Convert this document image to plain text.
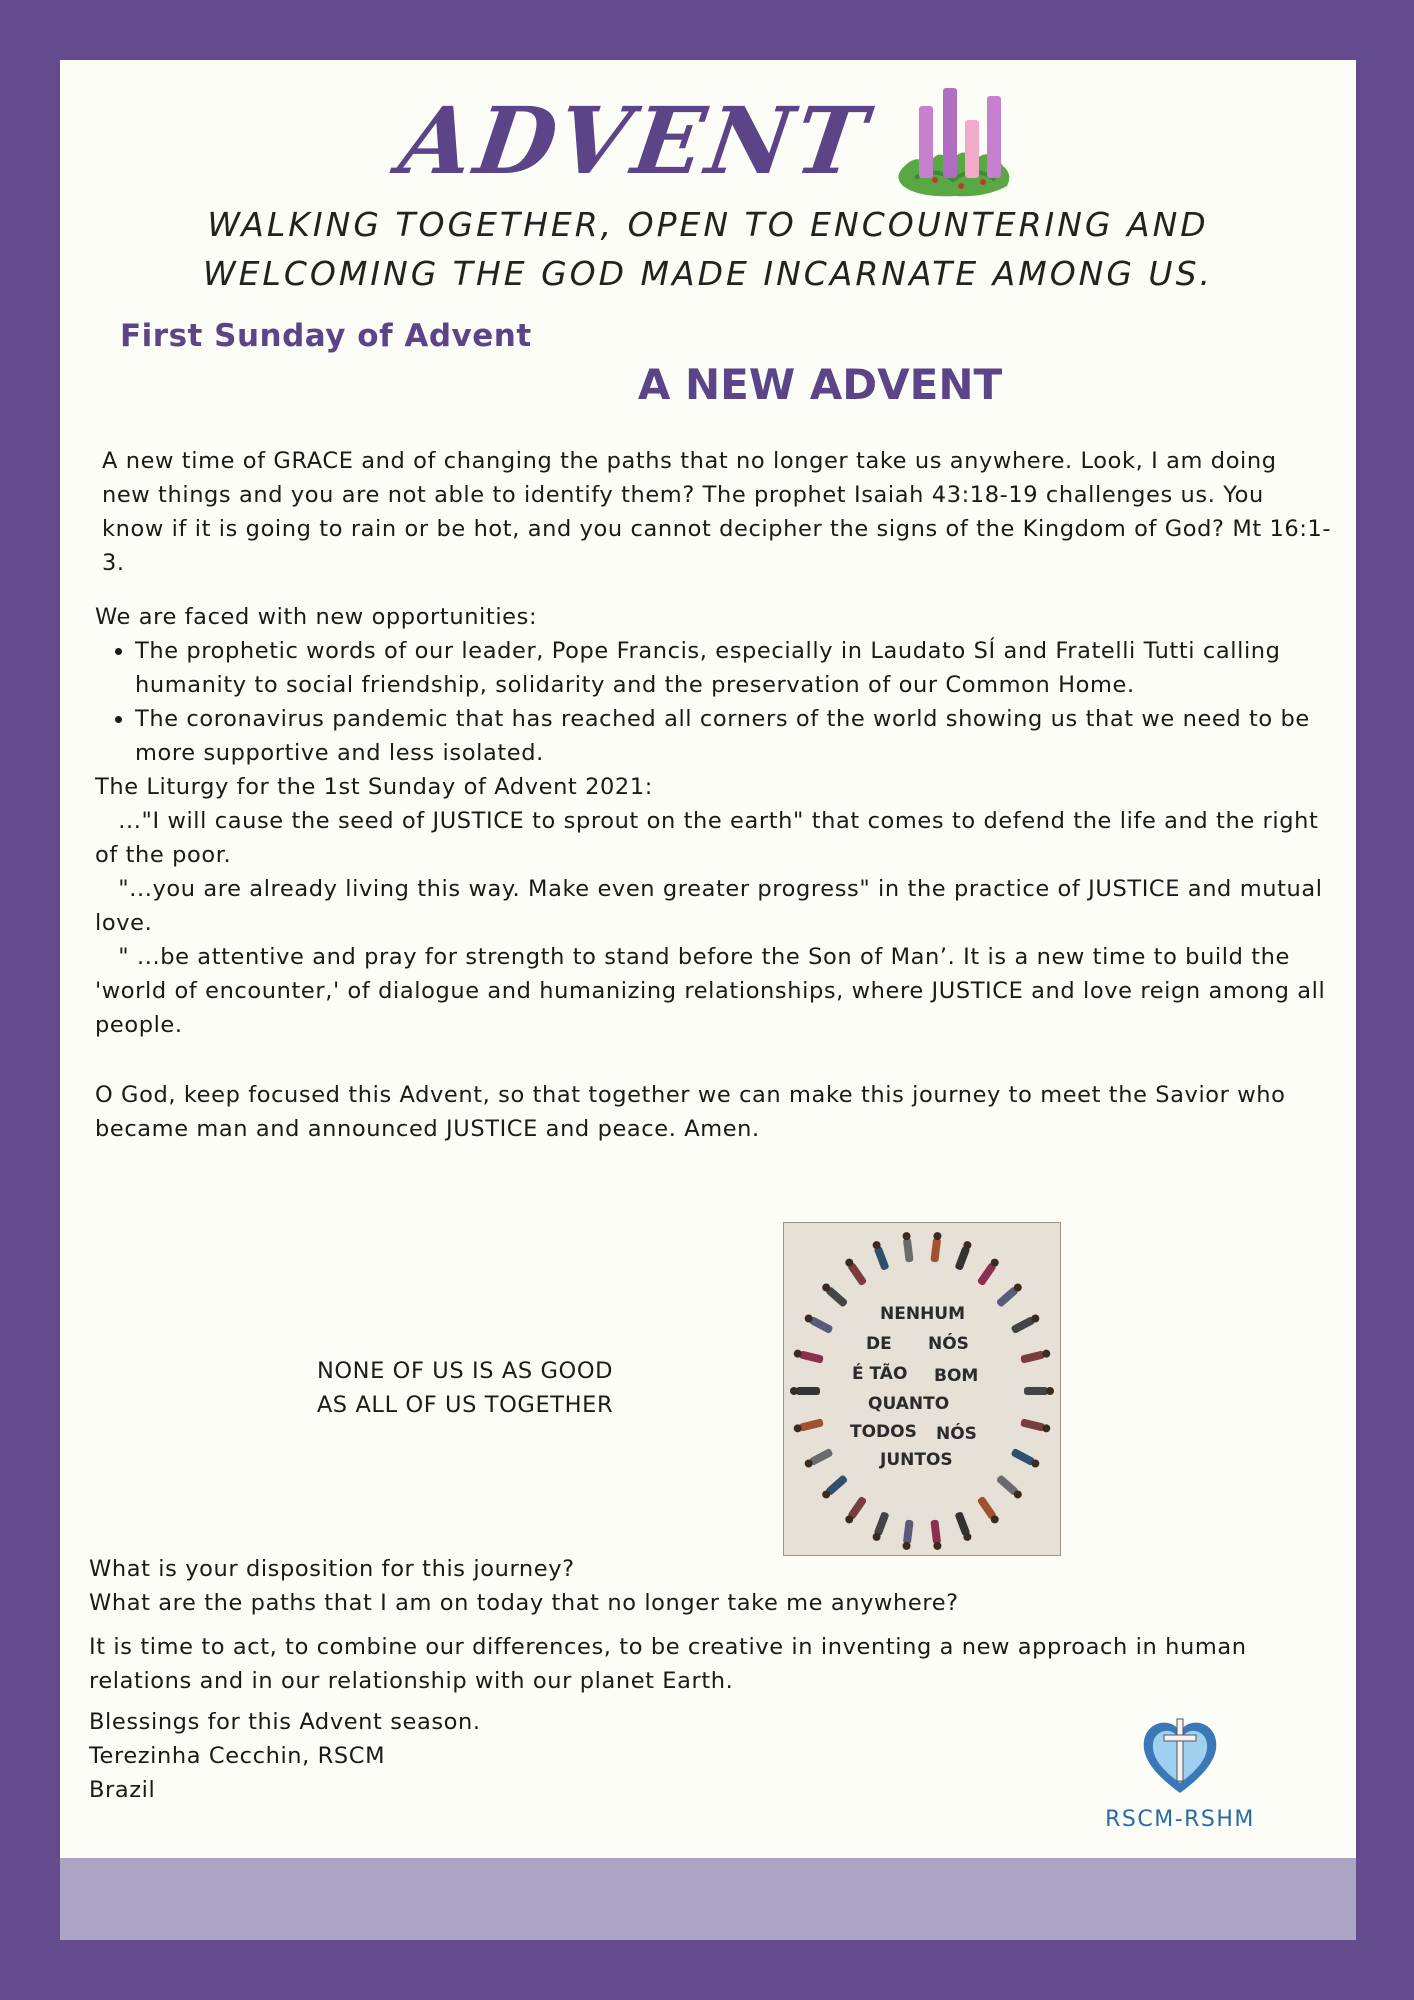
ADVENT
WALKING TOGETHER, OPEN TO ENCOUNTERING AND
WELCOMING THE GOD MADE INCARNATE AMONG US.
First Sunday of Advent
A NEW ADVENT

A new time of GRACE and of changing the paths that no longer take us anywhere. Look, I am doing new things and you are not able to identify them? The prophet Isaiah 43:18-19 challenges us. You know if it is going to rain or be hot, and you cannot decipher the signs of the Kingdom of God? Mt 16:1-3.

We are faced with new opportunities:

• The prophetic words of our leader, Pope Francis, especially in Laudato SÍ and Fratelli Tutti calling humanity to social friendship, solidarity and the preservation of our Common Home.
• The coronavirus pandemic that has reached all corners of the world showing us that we need to be more supportive and less isolated.

The Liturgy for the 1st Sunday of Advent 2021:

..."I will cause the seed of JUSTICE to sprout on the earth" that comes to defend the life and the right of the poor.

"...you are already living this way. Make even greater progress" in the practice of JUSTICE and mutual love.

" ...be attentive and pray for strength to stand before the Son of Man’. It is a new time to build the 'world of encounter,' of dialogue and humanizing relationships, where JUSTICE and love reign among all people.

O God, keep focused this Advent, so that together we can make this journey to meet the Savior who became man and announced JUSTICE and peace. Amen.

NONE OF US IS AS GOOD
AS ALL OF US TOGETHER
NENHUM
DE NÓS
É TÃO BOM
QUANTO
TODOS NÓS
JUNTOS

What is your disposition for this journey?

What are the paths that I am on today that no longer take me anywhere?

It is time to act, to combine our differences, to be creative in inventing a new approach in human relations and in our relationship with our planet Earth.

Blessings for this Advent season.

Terezinha Cecchin, RSCM

Brazil

RSCM-RSHM
